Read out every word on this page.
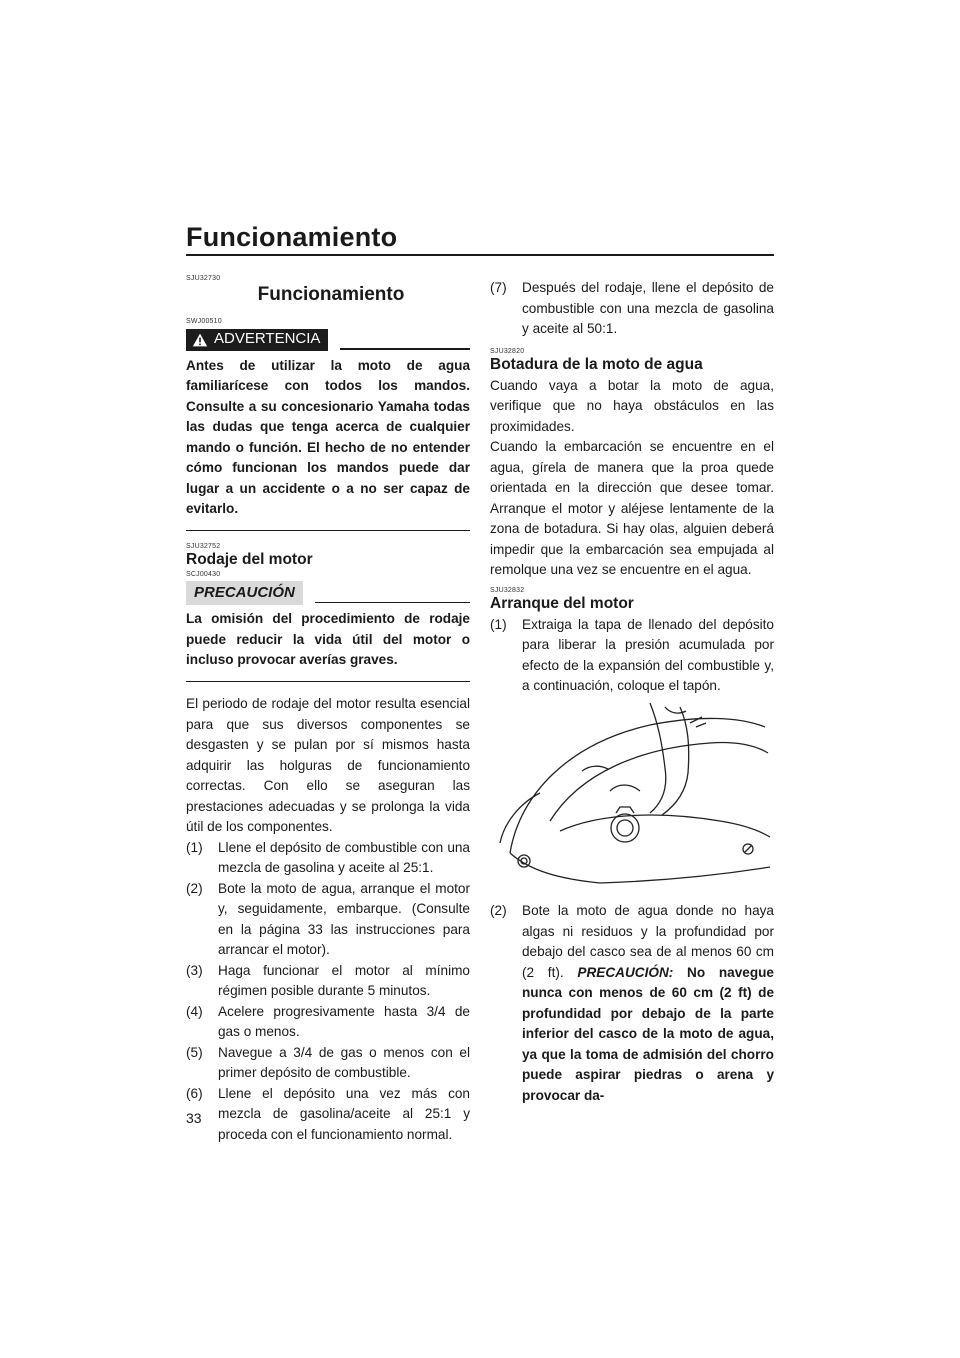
Funcionamiento
SJU32730
Funcionamiento
SWJ00510
ADVERTENCIA
Antes de utilizar la moto de agua familiarícese con todos los mandos. Consulte a su concesionario Yamaha todas las dudas que tenga acerca de cualquier mando o función. El hecho de no entender cómo funcionan los mandos puede dar lugar a un accidente o a no ser capaz de evitarlo.
SJU32752
Rodaje del motor
SCJ00430
PRECAUCIÓN
La omisión del procedimiento de rodaje puede reducir la vida útil del motor o incluso provocar averías graves.

El periodo de rodaje del motor resulta esencial para que sus diversos componentes se desgasten y se pulan por sí mismos hasta adquirir las holguras de funcionamiento correctas. Con ello se aseguran las prestaciones adecuadas y se prolonga la vida útil de los componentes.

(1)	Llene el depósito de combustible con una mezcla de gasolina y aceite al 25:1.
(2)	Bote la moto de agua, arranque el motor y, seguidamente, embarque. (Consulte en la página 33 las instrucciones para arrancar el motor).
(3)	Haga funcionar el motor al mínimo régimen posible durante 5 minutos.
(4)	Acelere progresivamente hasta 3/4 de gas o menos.
(5)	Navegue a 3/4 de gas o menos con el primer depósito de combustible.
(6)	Llene el depósito una vez más con mezcla de gasolina/aceite al 25:1 y proceda con el funcionamiento normal.
(7)	Después del rodaje, llene el depósito de combustible con una mezcla de gasolina y aceite al 50:1.
SJU32820
Botadura de la moto de agua

Cuando vaya a botar la moto de agua, verifique que no haya obstáculos en las proximidades.

Cuando la embarcación se encuentre en el agua, gírela de manera que la proa quede orientada en la dirección que desee tomar. Arranque el motor y aléjese lentamente de la zona de botadura. Si hay olas, alguien deberá impedir que la embarcación sea empujada al remolque una vez se encuentre en el agua.

SJU32832
Arranque del motor
(1)	Extraiga la tapa de llenado del depósito para liberar la presión acumulada por efecto de la expansión del combustible y, a continuación, coloque el tapón.
(2)	Bote la moto de agua donde no haya algas ni residuos y la profundidad por debajo del casco sea de al menos 60 cm (2 ft). PRECAUCIÓN: No navegue nunca con menos de 60 cm (2 ft) de profundidad por debajo de la parte inferior del casco de la moto de agua, ya que la toma de admisión del chorro puede aspirar piedras o arena y provocar da-
33
